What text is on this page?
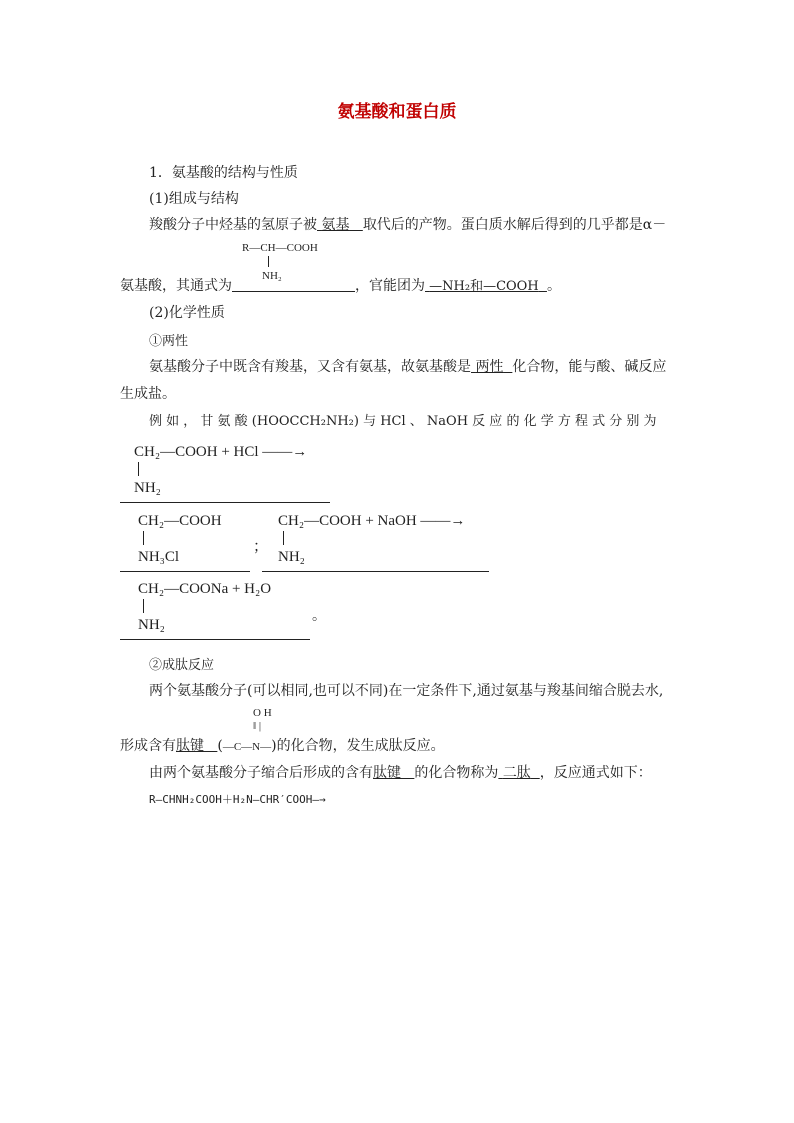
氨基酸和蛋白质
1．氨基酸的结构与性质
(1)组成与结构
羧酸分子中烃基的氢原子被 氨基 取代后的产物。蛋白质水解后得到的几乎都是α－
R—CH—COOH
NH₂
氨基酸，其通式为	，官能团为 —NH₂和—COOH 。
(2)化学性质
①两性
氨基酸分子中既含有羧基，又含有氨基，故氨基酸是 两性 化合物，能与酸、碱反应
生成盐。
例 如 ， 甘 氨 酸 (HOOCCH₂NH₂) 与 HCl 、 NaOH 反 应 的 化 学 方 程 式 分 别 为
CH₂—COOH + HCl ——→
NH₂
CH₂—COOH
NH₃Cl
；
CH₂—COOH + NaOH ——→
NH₂
CH₂—COONa + H₂O
NH₂
。
②成肽反应
两个氨基酸分子(可以相同,也可以不同)在一定条件下,通过氨基与羧基间缩合脱去水,
O H
‖ |
形成含有肽键 (—C—N—)的化合物，发生成肽反应。
由两个氨基酸分子缩合后形成的含有肽键 的化合物称为 二肽 ，反应通式如下：
R—CHNH₂COOH＋H₂N—CHR′COOH—→
